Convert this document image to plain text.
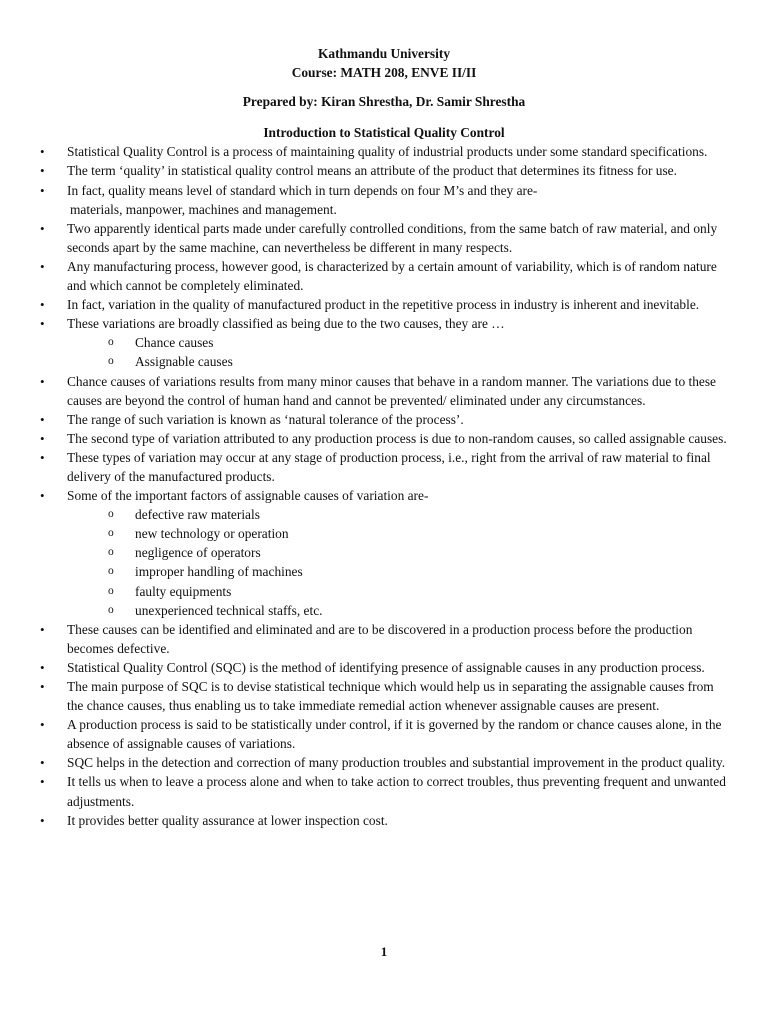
Kathmandu University
Course: MATH 208, ENVE II/II
Prepared by: Kiran Shrestha, Dr. Samir Shrestha
Introduction to Statistical Quality Control
•	Statistical Quality Control is a process of maintaining quality of industrial products under some standard specifications.
•	The term ‘quality’ in statistical quality control means an attribute of the product that determines its fitness for use.
•	In fact, quality means level of standard which in turn depends on four M’s and they are-
materials, manpower, machines and management.
•	Two apparently identical parts made under carefully controlled conditions, from the same batch of raw material, and only seconds apart by the same machine, can nevertheless be different in many respects.
•	Any manufacturing process, however good, is characterized by a certain amount of variability, which is of random nature and which cannot be completely eliminated.
•	In fact, variation in the quality of manufactured product in the repetitive process in industry is inherent and inevitable.
•	These variations are broadly classified as being due to the two causes, they are …
o Chance causes
o Assignable causes
•	Chance causes of variations results from many minor causes that behave in a random manner. The variations due to these causes are beyond the control of human hand and cannot be prevented/ eliminated under any circumstances.
•	The range of such variation is known as ‘natural tolerance of the process’.
•	The second type of variation attributed to any production process is due to non-random causes, so called assignable causes.
•	These types of variation may occur at any stage of production process, i.e., right from the arrival of raw material to final delivery of the manufactured products.
•	Some of the important factors of assignable causes of variation are-
o defective raw materials
o new technology or operation
o negligence of operators
o improper handling of machines
o faulty equipments
o unexperienced technical staffs, etc.
•	These causes can be identified and eliminated and are to be discovered in a production process before the production becomes defective.
•	Statistical Quality Control (SQC) is the method of identifying presence of assignable causes in any production process.
•	The main purpose of SQC is to devise statistical technique which would help us in separating the assignable causes from the chance causes, thus enabling us to take immediate remedial action whenever assignable causes are present.
•	A production process is said to be statistically under control, if it is governed by the random or chance causes alone, in the absence of assignable causes of variations.
•	SQC helps in the detection and correction of many production troubles and substantial improvement in the product quality.
•	It tells us when to leave a process alone and when to take action to correct troubles, thus preventing frequent and unwanted adjustments.
•	It provides better quality assurance at lower inspection cost.
1
